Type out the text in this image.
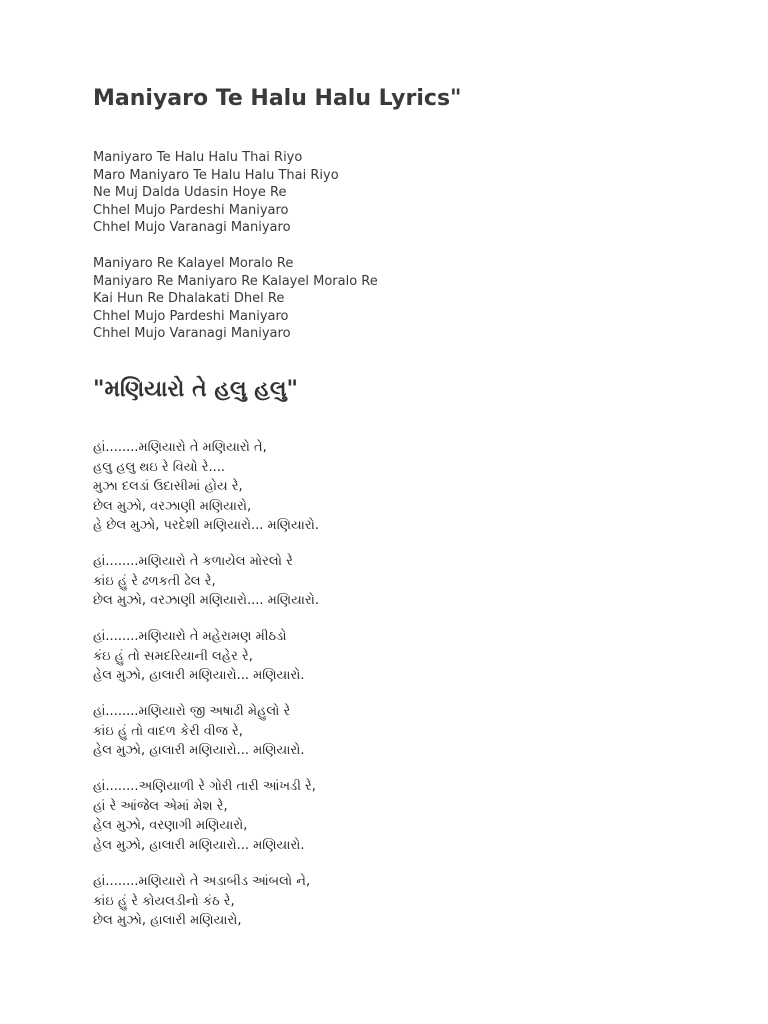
Maniyaro Te Halu Halu Lyrics"
Maniyaro Te Halu Halu Thai Riyo
Maro Maniyaro Te Halu Halu Thai Riyo
Ne Muj Dalda Udasin Hoye Re
Chhel Mujo Pardeshi Maniyaro
Chhel Mujo Varanagi Maniyaro
Maniyaro Re Kalayel Moralo Re
Maniyaro Re Maniyaro Re Kalayel Moralo Re
Kai Hun Re Dhalakati Dhel Re
Chhel Mujo Pardeshi Maniyaro
Chhel Mujo Varanagi Maniyaro
"મણિયારો તે હલુ હલુ"
હાં........મણિયારો તે મણિયારો તે,
હલુ હલુ થઇ રે વિયો રે....
મુઝા દલડાં ઉદાસીમાં હોય રે,
છેલ મુઝો, વરઝાણી મણિયારો,
હે છેલ મુઝો, પરદેશી મણિયારો... મણિયારો.
હાં........મણિયારો તે કળાયેલ મોરલો રે
કાંઇ હું રે ઢળકતી ઢેલ રે,
છેલ મુઝો, વરઝાણી મણિયારો.... મણિયારો.
હાં........મણિયારો તે મહેરામણ મીઠડો
કંઇ હું તો સમદરિયાની લહેર રે,
હેલ મુઝો, હાલારી મણિયારો... મણિયારો.
હાં........મણિયારો જી અષાઢી મેહુલો રે
કાંઇ હું તો વાદળ કેરી વીજ રે,
હેલ મુઝો, હાલારી મણિયારો... મણિયારો.
હાં........અણિયાળી રે ગોરી તારી આંખડી રે,
હાં રે આંજેલ એમાં મેશ રે,
હેલ મુઝો, વરણાગી મણિયારો,
હેલ મુઝો, હાલારી મણિયારો... મણિયારો.
હાં........મણિયારો તે અડાબીડ આંબલો ને,
કાંઇ હું રે કોયલડીનો કંઠ રે,
છેલ મુઝો, હાલારી મણિયારો,
